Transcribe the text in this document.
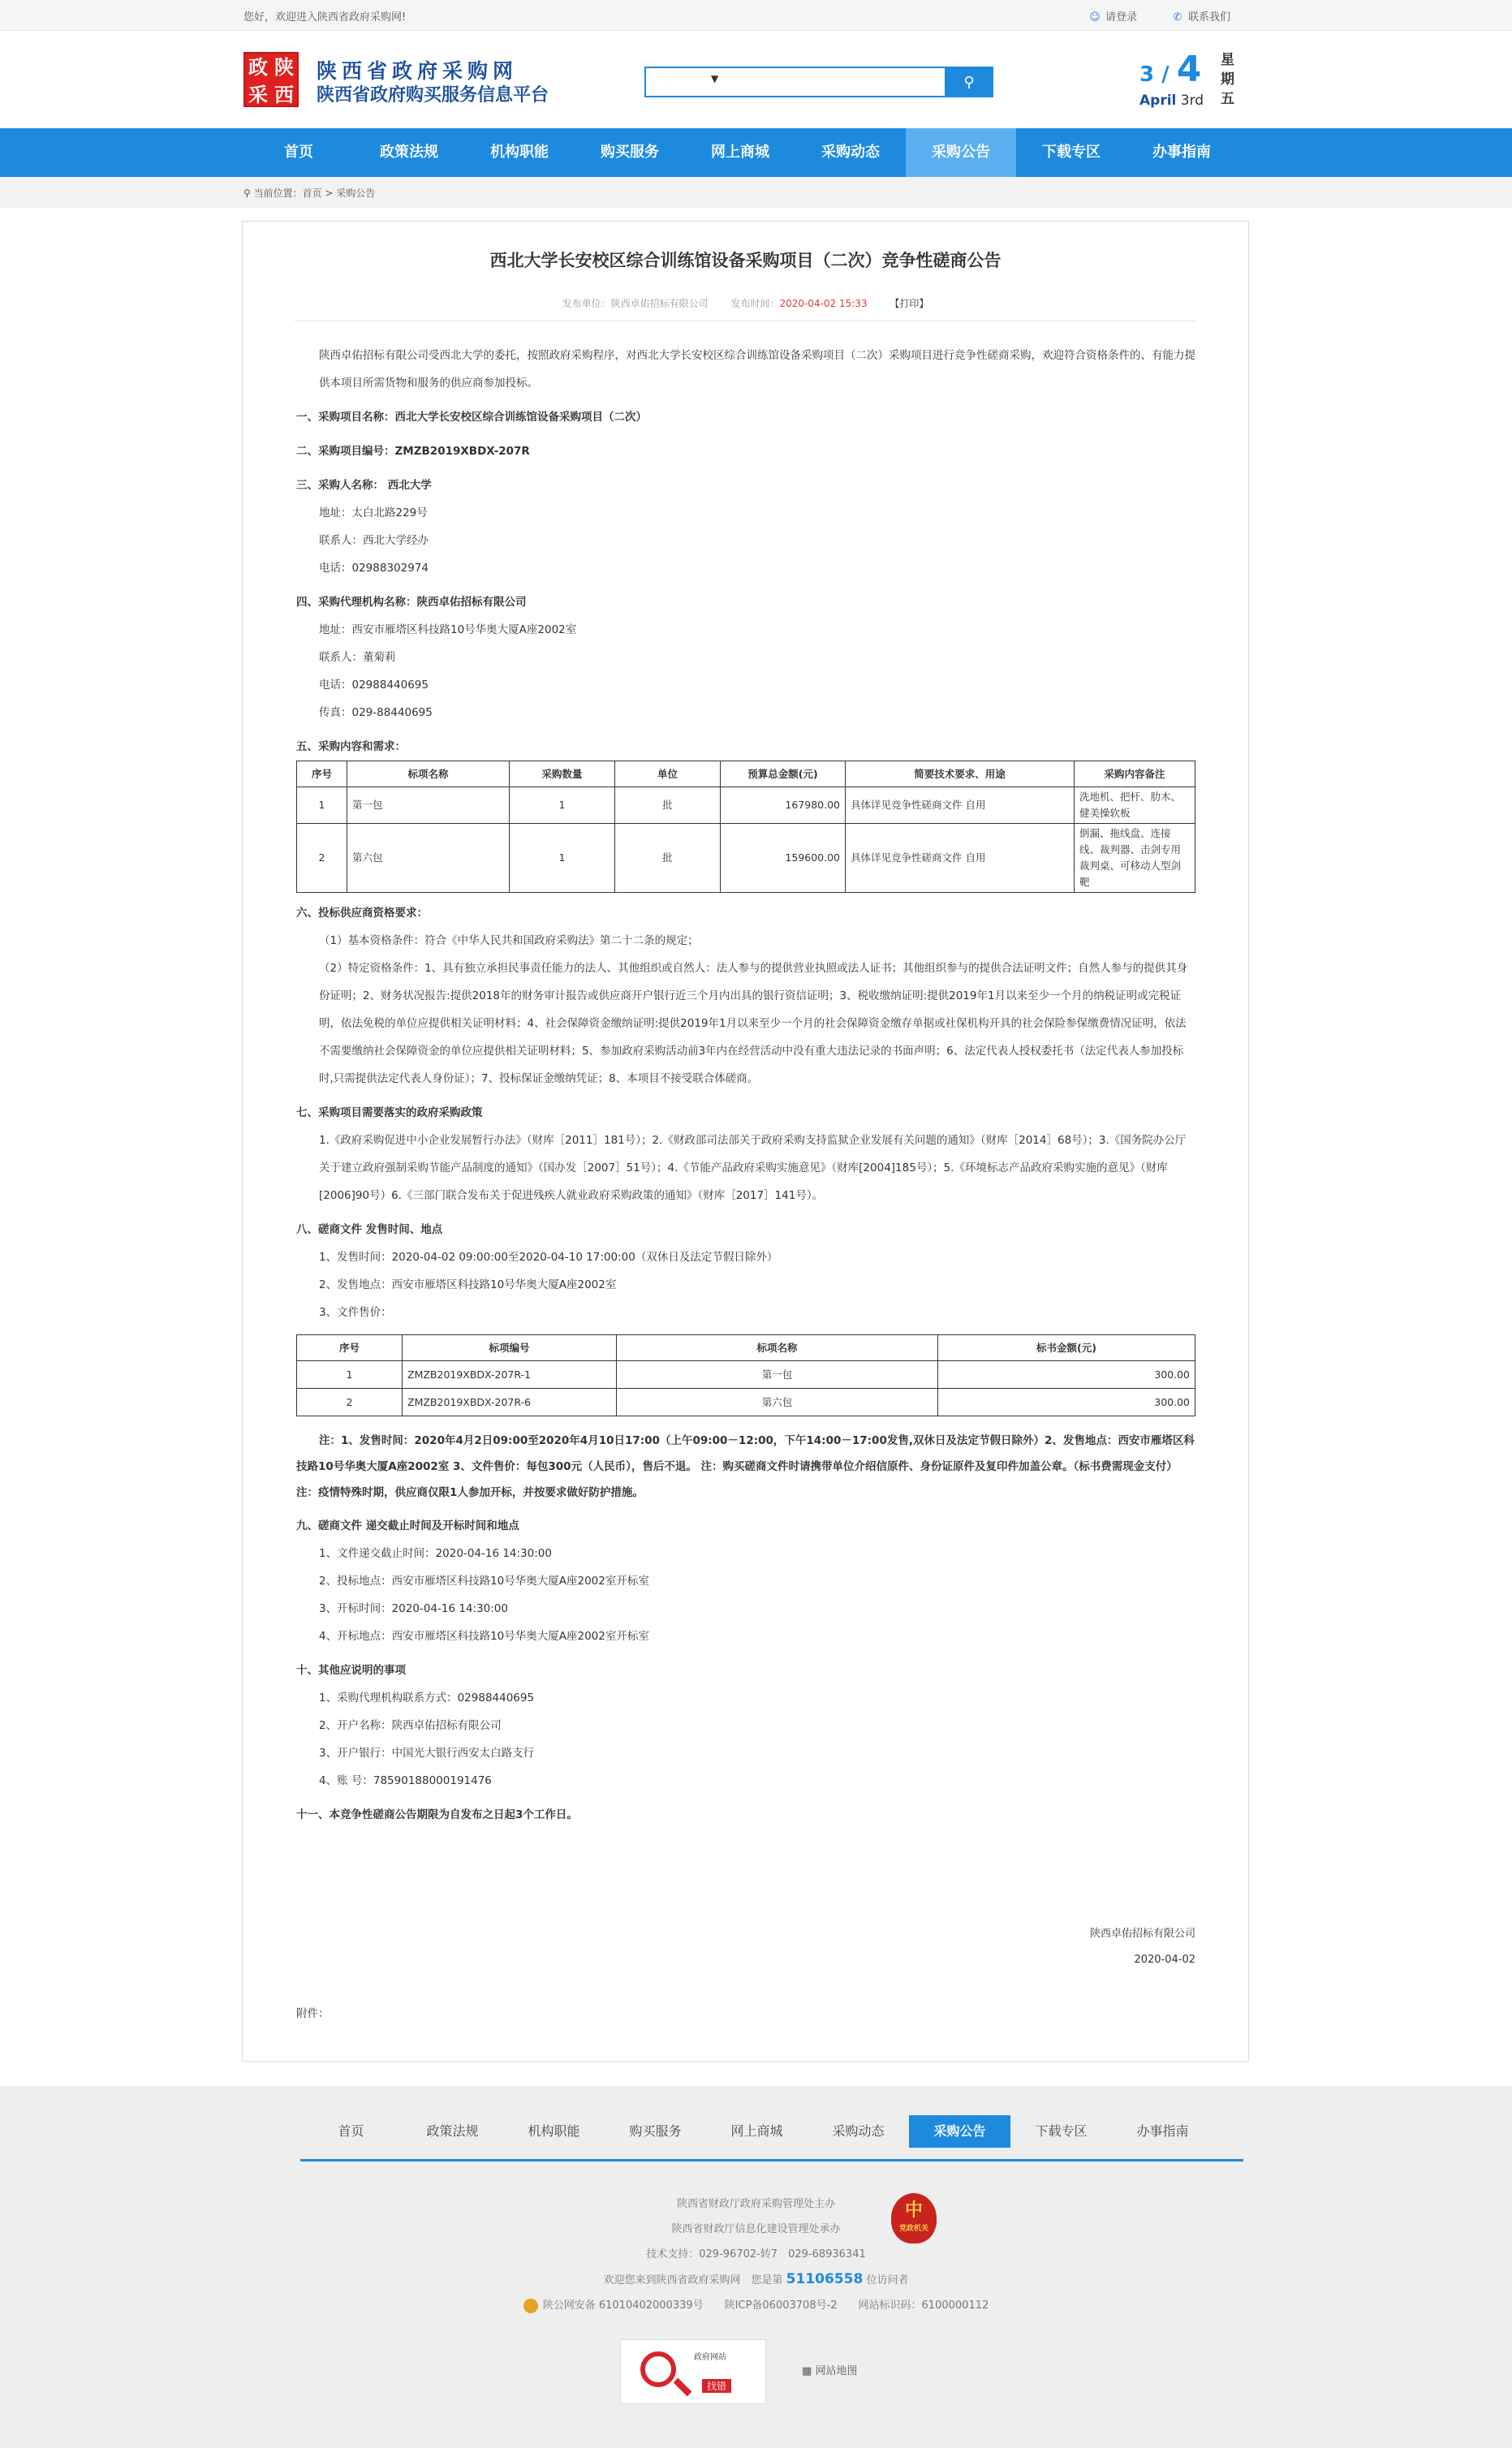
您好，欢迎进入陕西省政府采购网!	☺ 请登录	✆ 联系我们
政 陕
采 西
陕西省政府采购网
陕西省政府购买服务信息平台
▼	⚲	3 / 4
April 3rd
星期五
首页	政策法规	机构职能	购买服务	网上商城	采购动态	采购公告	下载专区	办事指南
⚲ 当前位置：首页 > 采购公告
西北大学长安校区综合训练馆设备采购项目（二次）竞争性磋商公告
发布单位：陕西卓佑招标有限公司　　 发布时间：2020-04-02 15:33 【打印】

陕西卓佑招标有限公司受西北大学的委托，按照政府采购程序，对西北大学长安校区综合训练馆设备采购项目（二次）采购项目进行竞争性磋商采购，欢迎符合资格条件的、有能力提供本项目所需货物和服务的供应商参加投标。

一、采购项目名称：西北大学长安校区综合训练馆设备采购项目（二次）

二、采购项目编号：ZMZB2019XBDX-207R

三、采购人名称： 西北大学

地址：太白北路229号

联系人：西北大学经办

电话：02988302974

四、采购代理机构名称：陕西卓佑招标有限公司

地址：西安市雁塔区科技路10号华奥大厦A座2002室

联系人：董菊莉

电话：02988440695

传真：029-88440695

五、采购内容和需求：

序号	标项名称	采购数量	单位	预算总金额(元)	简要技术要求、用途	采购内容备注
1	第一包	1	批	167980.00	具体详见竞争性磋商文件 自用	洗地机、把杆、肋木、健美操软板
2	第六包	1	批	159600.00	具体详见竞争性磋商文件 自用	倒漏、拖线盘、连接线、裁判器、击剑专用裁判桌、可移动人型剑靶

六、投标供应商资格要求：

（1）基本资格条件：符合《中华人民共和国政府采购法》第二十二条的规定；

（2）特定资格条件：1、具有独立承担民事责任能力的法人、其他组织或自然人：法人参与的提供营业执照或法人证书；其他组织参与的提供合法证明文件；自然人参与的提供其身份证明；2、财务状况报告:提供2018年的财务审计报告或供应商开户银行近三个月内出具的银行资信证明；3、税收缴纳证明:提供2019年1月以来至少一个月的纳税证明或完税证明，依法免税的单位应提供相关证明材料；4、社会保障资金缴纳证明:提供2019年1月以来至少一个月的社会保障资金缴存单据或社保机构开具的社会保险参保缴费情况证明，依法不需要缴纳社会保障资金的单位应提供相关证明材料；5、参加政府采购活动前3年内在经营活动中没有重大违法记录的书面声明；6、法定代表人授权委托书（法定代表人参加投标时,只需提供法定代表人身份证）；7、投标保证金缴纳凭证；8、本项目不接受联合体磋商。

七、采购项目需要落实的政府采购政策

1.《政府采购促进中小企业发展暂行办法》（财库［2011］181号）；2.《财政部司法部关于政府采购支持监狱企业发展有关问题的通知》（财库［2014］68号）；3.《国务院办公厅关于建立政府强制采购节能产品制度的通知》（国办发［2007］51号）；4.《节能产品政府采购实施意见》（财库[2004]185号）；5.《环境标志产品政府采购实施的意见》（财库[2006]90号）6.《三部门联合发布关于促进残疾人就业政府采购政策的通知》（财库［2017］141号）。

八、磋商文件 发售时间、地点

1、发售时间：2020-04-02 09:00:00至2020-04-10 17:00:00（双休日及法定节假日除外）

2、发售地点：西安市雁塔区科技路10号华奥大厦A座2002室

3、文件售价：

序号	标项编号	标项名称	标书金额(元)
1	ZMZB2019XBDX-207R-1	第一包	300.00
2	ZMZB2019XBDX-207R-6	第六包	300.00

注：1、发售时间：2020年4月2日09:00至2020年4月10日17:00（上午09:00－12:00，下午14:00－17:00发售,双休日及法定节假日除外）2、发售地点：西安市雁塔区科技路10号华奥大厦A座2002室 3、文件售价：每包300元（人民币），售后不退。 注：购买磋商文件时请携带单位介绍信原件、身份证原件及复印件加盖公章。（标书费需现金支付）注：疫情特殊时期，供应商仅限1人参加开标，并按要求做好防护措施。

九、磋商文件 递交截止时间及开标时间和地点

1、文件递交截止时间：2020-04-16 14:30:00

2、投标地点：西安市雁塔区科技路10号华奥大厦A座2002室开标室

3、开标时间：2020-04-16 14:30:00

4、开标地点：西安市雁塔区科技路10号华奥大厦A座2002室开标室

十、其他应说明的事项

1、采购代理机构联系方式：02988440695

2、开户名称：陕西卓佑招标有限公司

3、开户银行：中国光大银行西安太白路支行

4、账 号：78590188000191476

十一、本竞争性磋商公告期限为自发布之日起3个工作日。

陕西卓佑招标有限公司
2020-04-02
附件：
首页	政策法规	机构职能	购买服务	网上商城	采购动态	采购公告	下载专区	办事指南
陕西省财政厅政府采购管理处主办
陕西省财政厅信息化建设管理处承办
技术支持：029-96702-转7　029-68936341
欢迎您来到陕西省政府采购网　您是第 51106558 位访问者
陕公网安备 61010402000339号　　陕ICP备06003708号-2　　网站标识码：6100000112
中
党政机关
政府网站
找错
▦ 网站地图
